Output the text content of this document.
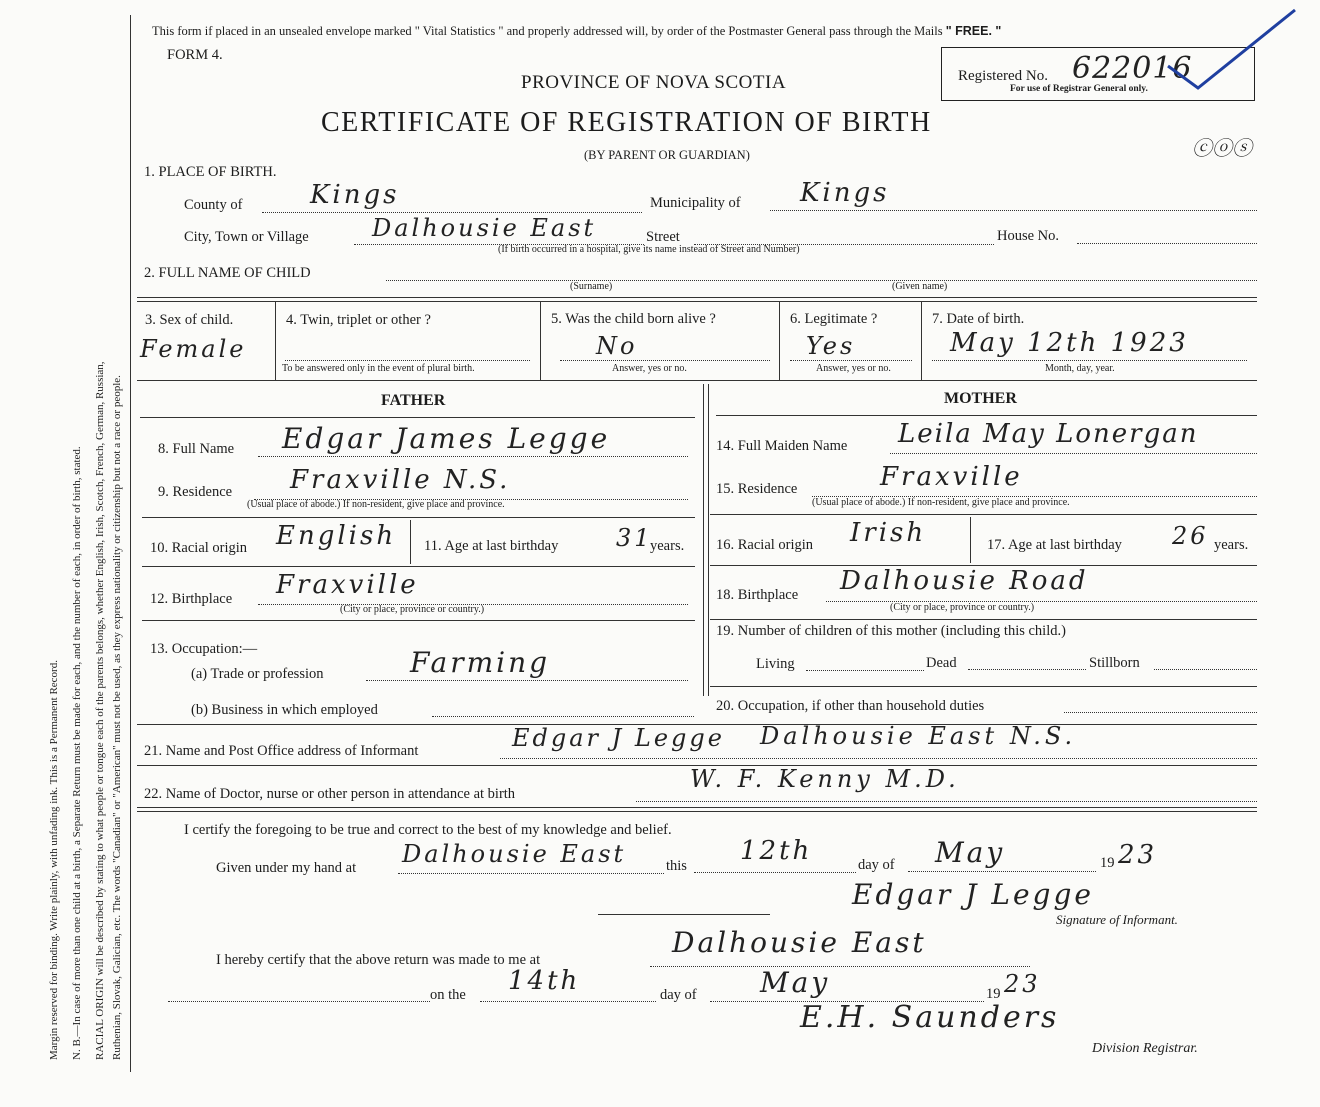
Margin reserved for binding. Write plainly, with unfading ink. This is a Permanent Record. N. B.—In case of more than one child at a birth, a Separate Return must be made for each, and the number of each, in order of birth, stated. RACIAL ORIGIN will be described by stating to what people or tongue each of the parents belongs, whether English, Irish, Scotch, French, German, Russian, Ruthenian, Slovak, Galician, etc. The words "Canadian" or "American" must not be used, as they express nationality or citizenship but not a race or people.
This form if placed in an unsealed envelope marked " Vital Statistics " and properly addressed will, by order of the Postmaster General pass through the Mails " FREE. "
FORM 4.
PROVINCE OF NOVA SCOTIA
CERTIFICATE OF REGISTRATION OF BIRTH
(BY PARENT OR GUARDIAN)
Registered No. 622016
For use of Registrar General only.
ⓒⓞⓢ
1. PLACE OF BIRTH.
County of	Kings	Municipality of Kings
City, Town or Village	Dalhousie East	Street	House No.
(If birth occurred in a hospital, give its name instead of Street and Number)
2. FULL NAME OF CHILD
(Surname)	(Given name)
3. Sex of child.
Female
4. Twin, triplet or other ?
To be answered only in the event of plural birth.
5. Was the child born alive ?
No
Answer, yes or no.
6. Legitimate ?
Yes
Answer, yes or no.
7. Date of birth.
May 12th 1923
Month, day, year.
FATHER	MOTHER
8. Full Name Edgar James Legge
9. Residence Fraxville N.S.
(Usual place of abode.) If non-resident, give place and province.
10. Racial origin English 11. Age at last birthday 31
years.
12. Birthplace Fraxville
(City or place, province or country.)
13. Occupation:—
(a) Trade or profession	Farming
(b) Business in which employed
14. Full Maiden Name Leila May Lonergan
15. Residence	Fraxville
(Usual place of abode.) If non-resident, give place and province.
16. Racial origin Irish	17. Age at last birthday 26 years.
18. Birthplace Dalhousie Road
(City or place, province or country.)
19. Number of children of this mother (including this child.)
Living	Dead	Stillborn
20. Occupation, if other than household duties
21. Name and Post Office address of Informant	Edgar J Legge Dalhousie East N.S.
22. Name of Doctor, nurse or other person in attendance at birth
W. F. Kenny M.D.
I certify the foregoing to be true and correct to the best of my knowledge and belief.
Given under my hand at Dalhousie East	this 12th	day of May	19 23
Edgar J Legge
Signature of Informant.
I hereby certify that the above return was made to me at
Dalhousie East
on the 14th	day of May	19 23
E.H. Saunders
Division Registrar.
